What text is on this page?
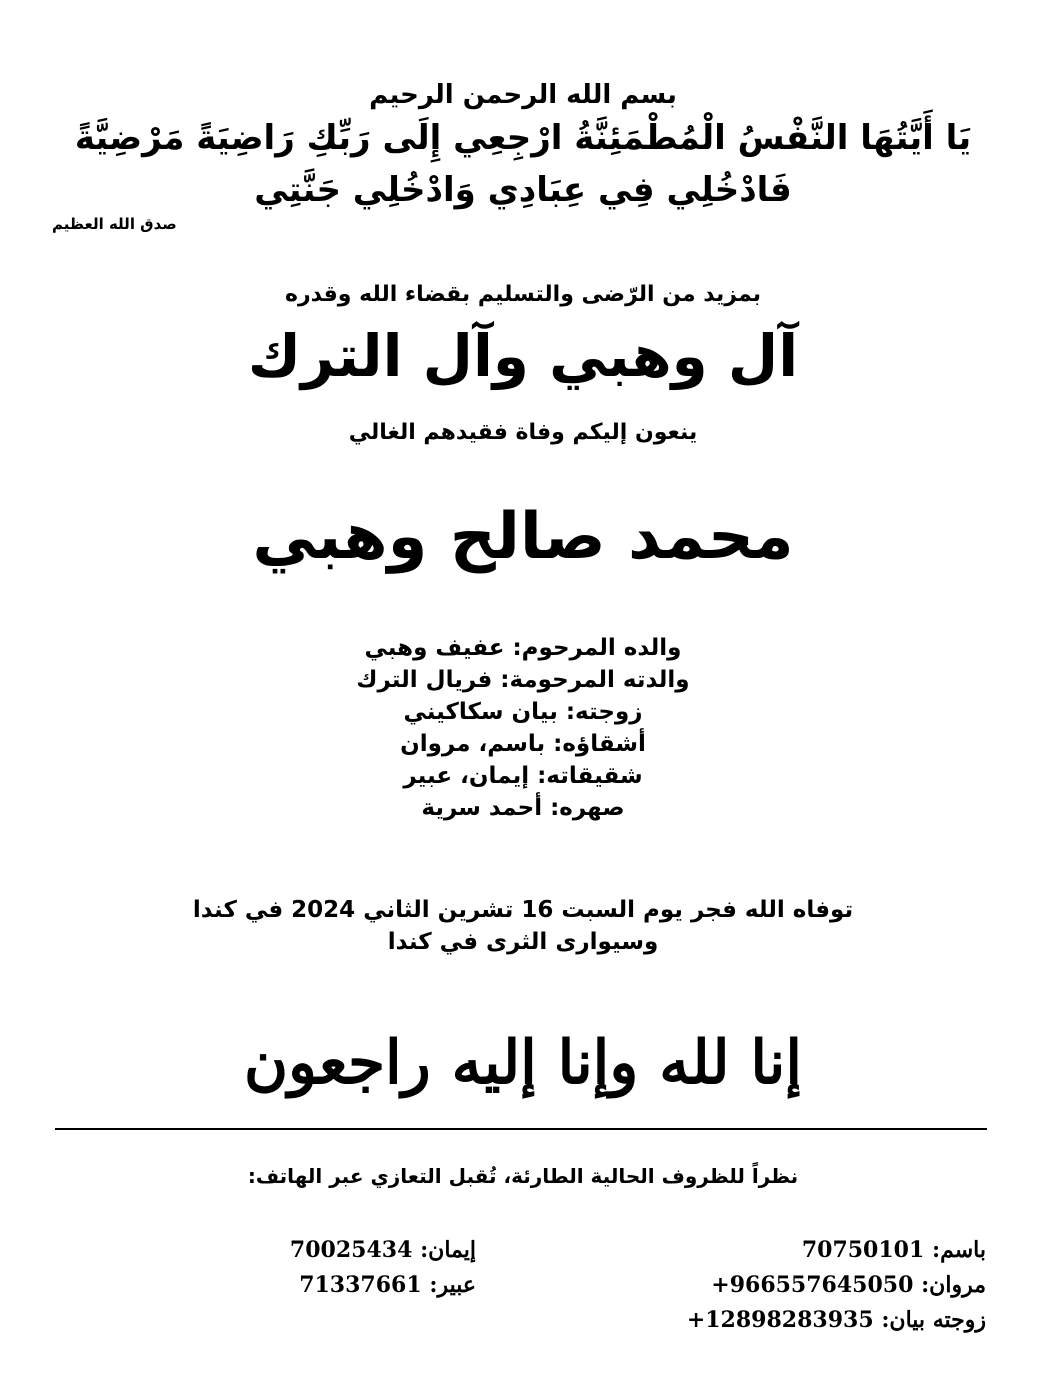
بسم الله الرحمن الرحيم
يَا أَيَّتُهَا النَّفْسُ الْمُطْمَئِنَّةُ ارْجِعِي إِلَى رَبِّكِ رَاضِيَةً مَرْضِيَّةً فَادْخُلِي فِي عِبَادِي وَادْخُلِي جَنَّتِي
صدق الله العظيم
بمزيد من الرّضى والتسليم بقضاء الله وقدره
آل وهبي وآل الترك
ينعون إليكم وفاة فقيدهم الغالي
محمد صالح وهبي
والده المرحوم: عفيف وهبي
والدته المرحومة: فريال الترك
زوجته: بيان سكاكيني
أشقاؤه: باسم، مروان
شقيقاته: إيمان، عبير
صهره: أحمد سرية
توفاه الله فجر يوم السبت 16 تشرين الثاني 2024 في كندا
وسيوارى الثرى في كندا
إنا لله وإنا إليه راجعون
نظراً للظروف الحالية الطارئة، تُقبل التعازي عبر الهاتف:
باسم: 70750101
مروان: +966557645050
زوجته بيان: +12898283935
إيمان: 70025434
عبير: 71337661
